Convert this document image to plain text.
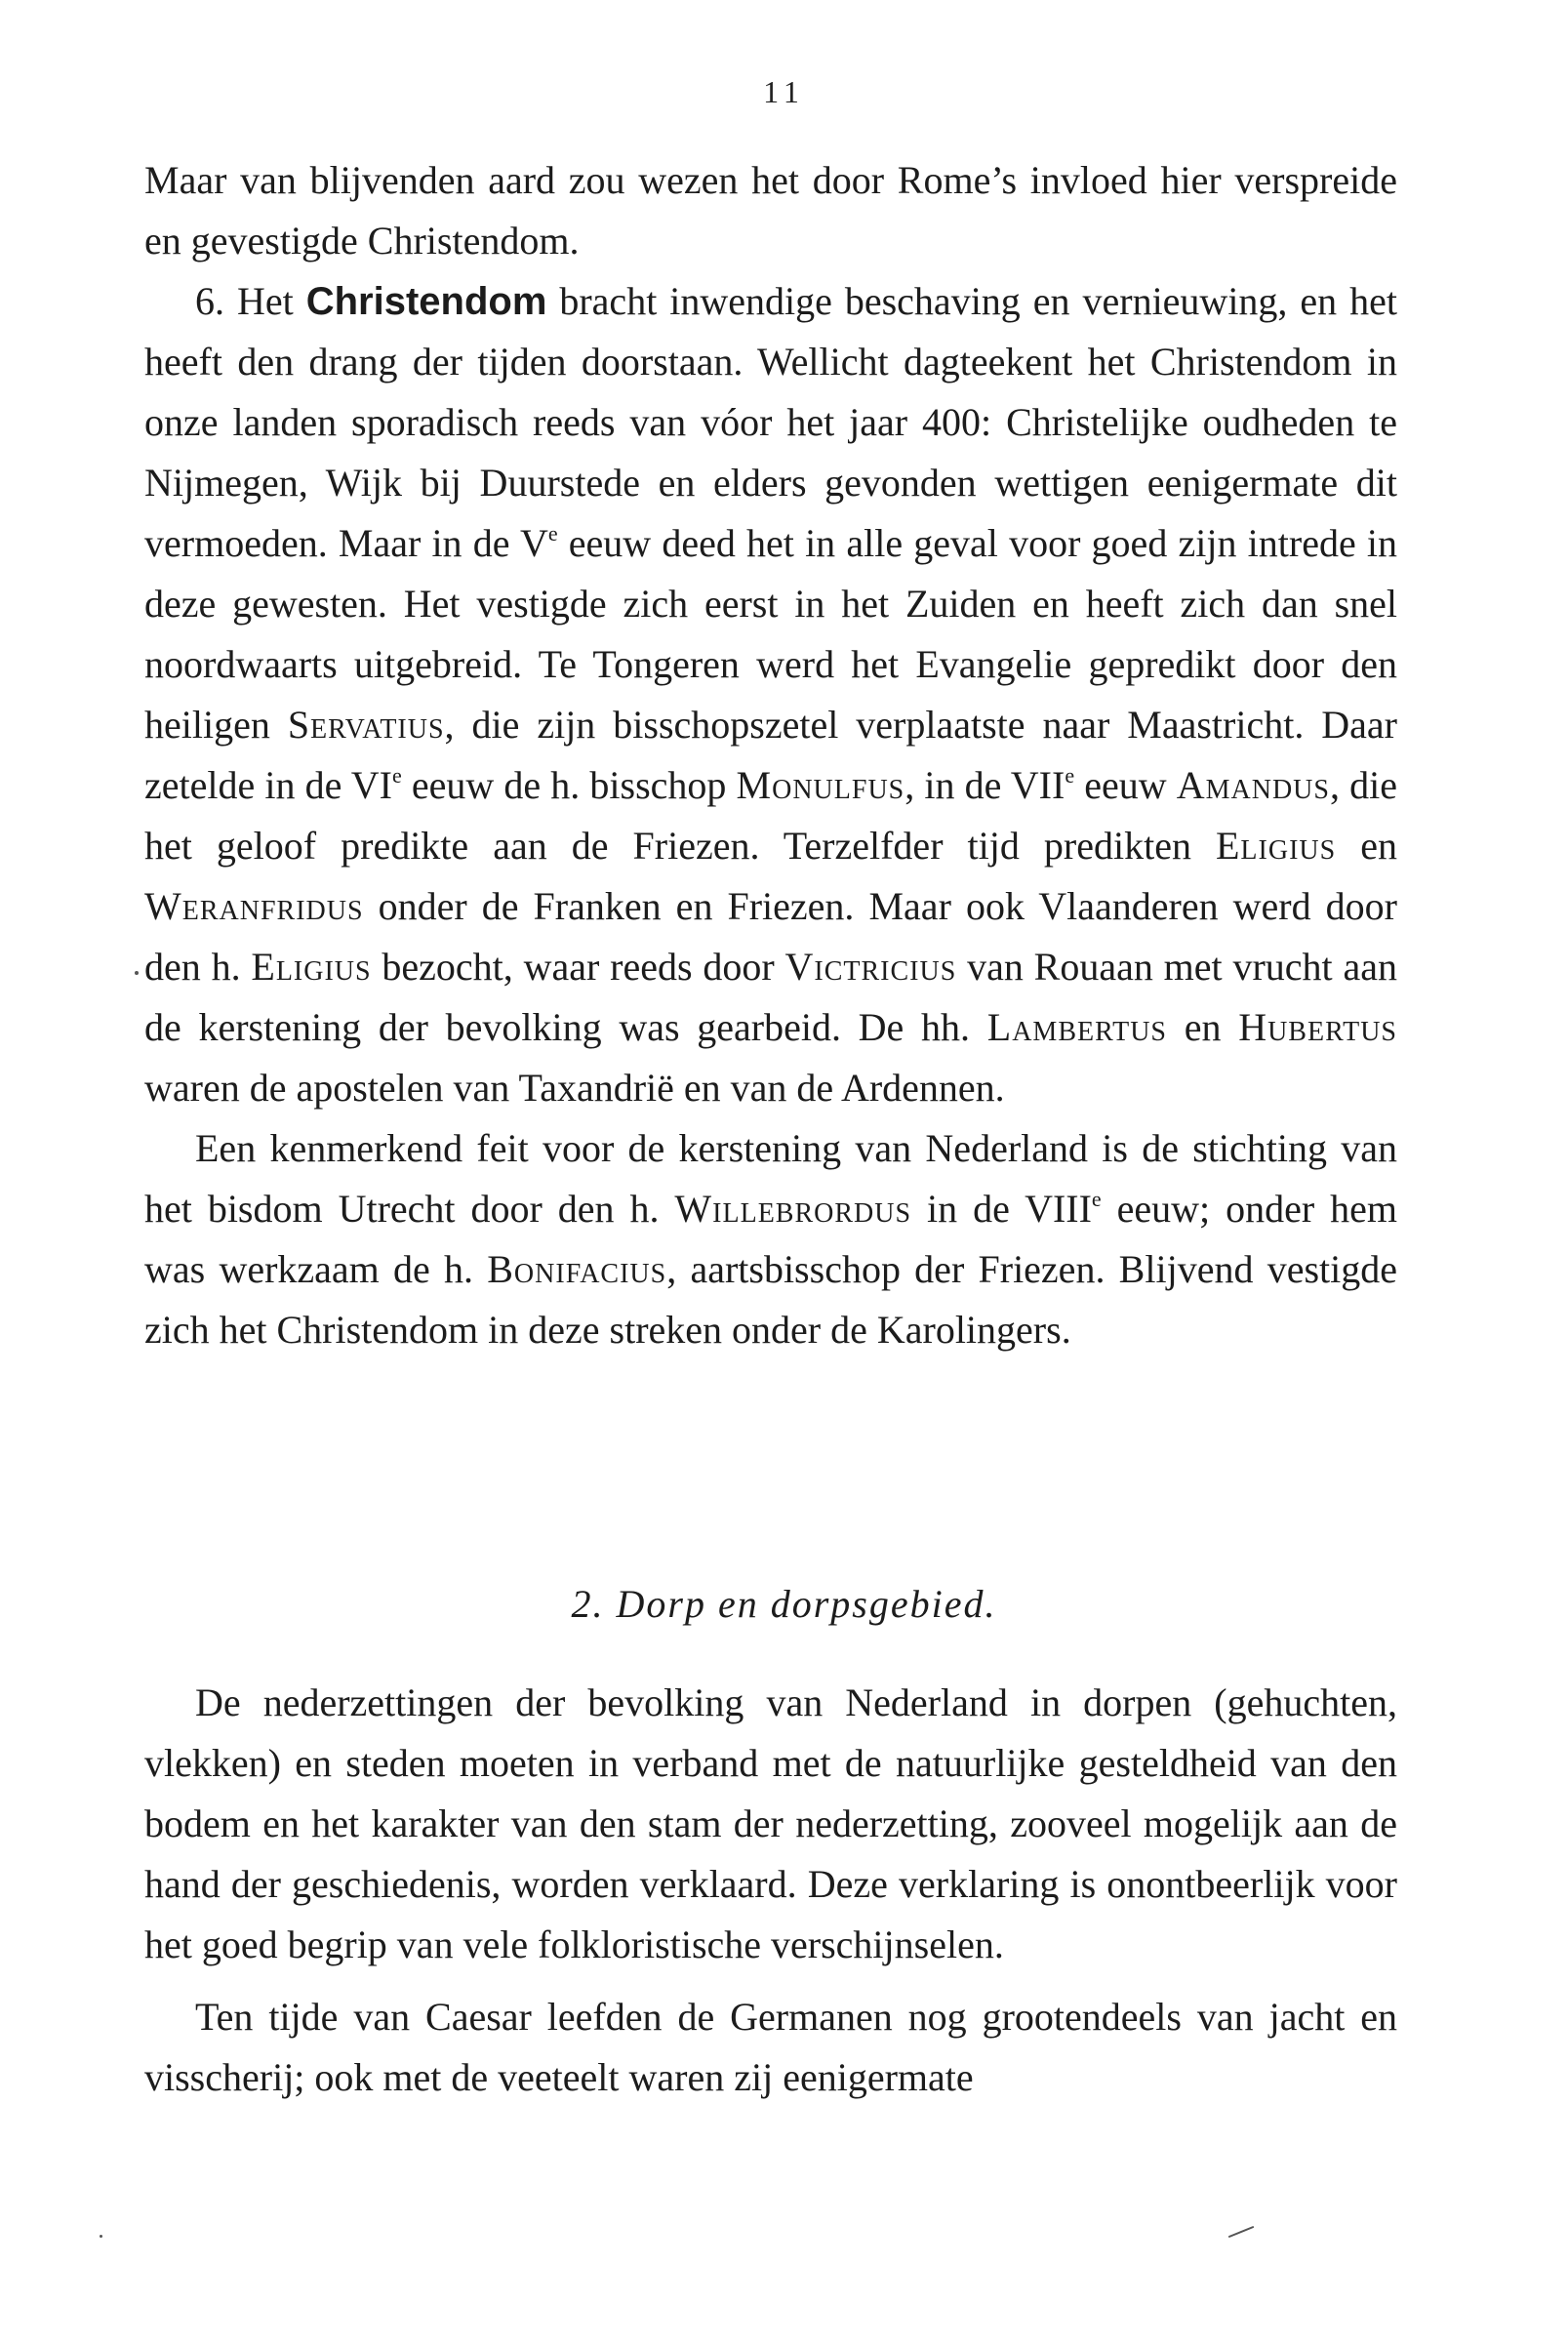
11

Maar van blijvenden aard zou wezen het door Rome’s invloed hier verspreide en gevestigde Christendom.

6. Het Christendom bracht inwendige beschaving en vernieuwing, en het heeft den drang der tijden doorstaan. Wellicht dagteekent het Christendom in onze landen sporadisch reeds van vóor het jaar 400: Christelijke oudheden te Nijmegen, Wijk bij Duurstede en elders gevonden wettigen eenigermate dit vermoeden. Maar in de Ve eeuw deed het in alle geval voor goed zijn intrede in deze gewesten. Het vestigde zich eerst in het Zuiden en heeft zich dan snel noordwaarts uitgebreid. Te Tongeren werd het Evangelie gepredikt door den heiligen Servatius, die zijn bisschopszetel verplaatste naar Maastricht. Daar zetelde in de VIe eeuw de h. bisschop Monulfus, in de VIIe eeuw Amandus, die het geloof predikte aan de Friezen. Terzelfder tijd predikten Eligius en Weranfridus onder de Franken en Friezen. Maar ook Vlaanderen werd door den h. Eligius bezocht, waar reeds door Victricius van Rouaan met vrucht aan de kerstening der bevolking was gearbeid. De hh. Lambertus en Hubertus waren de apostelen van Taxandrië en van de Ardennen.

Een kenmerkend feit voor de kerstening van Nederland is de stichting van het bisdom Utrecht door den h. Willebrordus in de VIIIe eeuw; onder hem was werkzaam de h. Bonifacius, aartsbisschop der Friezen. Blijvend vestigde zich het Christendom in deze streken onder de Karolingers.

2. Dorp en dorpsgebied.

De nederzettingen der bevolking van Nederland in dorpen (gehuchten, vlekken) en steden moeten in verband met de natuurlijke gesteldheid van den bodem en het karakter van den stam der nederzetting, zooveel mogelijk aan de hand der geschiedenis, worden verklaard. Deze verklaring is onontbeerlijk voor het goed begrip van vele folkloristische verschijnselen.

Ten tijde van Caesar leefden de Germanen nog grootendeels van jacht en visscherij; ook met de veeteelt waren zij eenigermate
